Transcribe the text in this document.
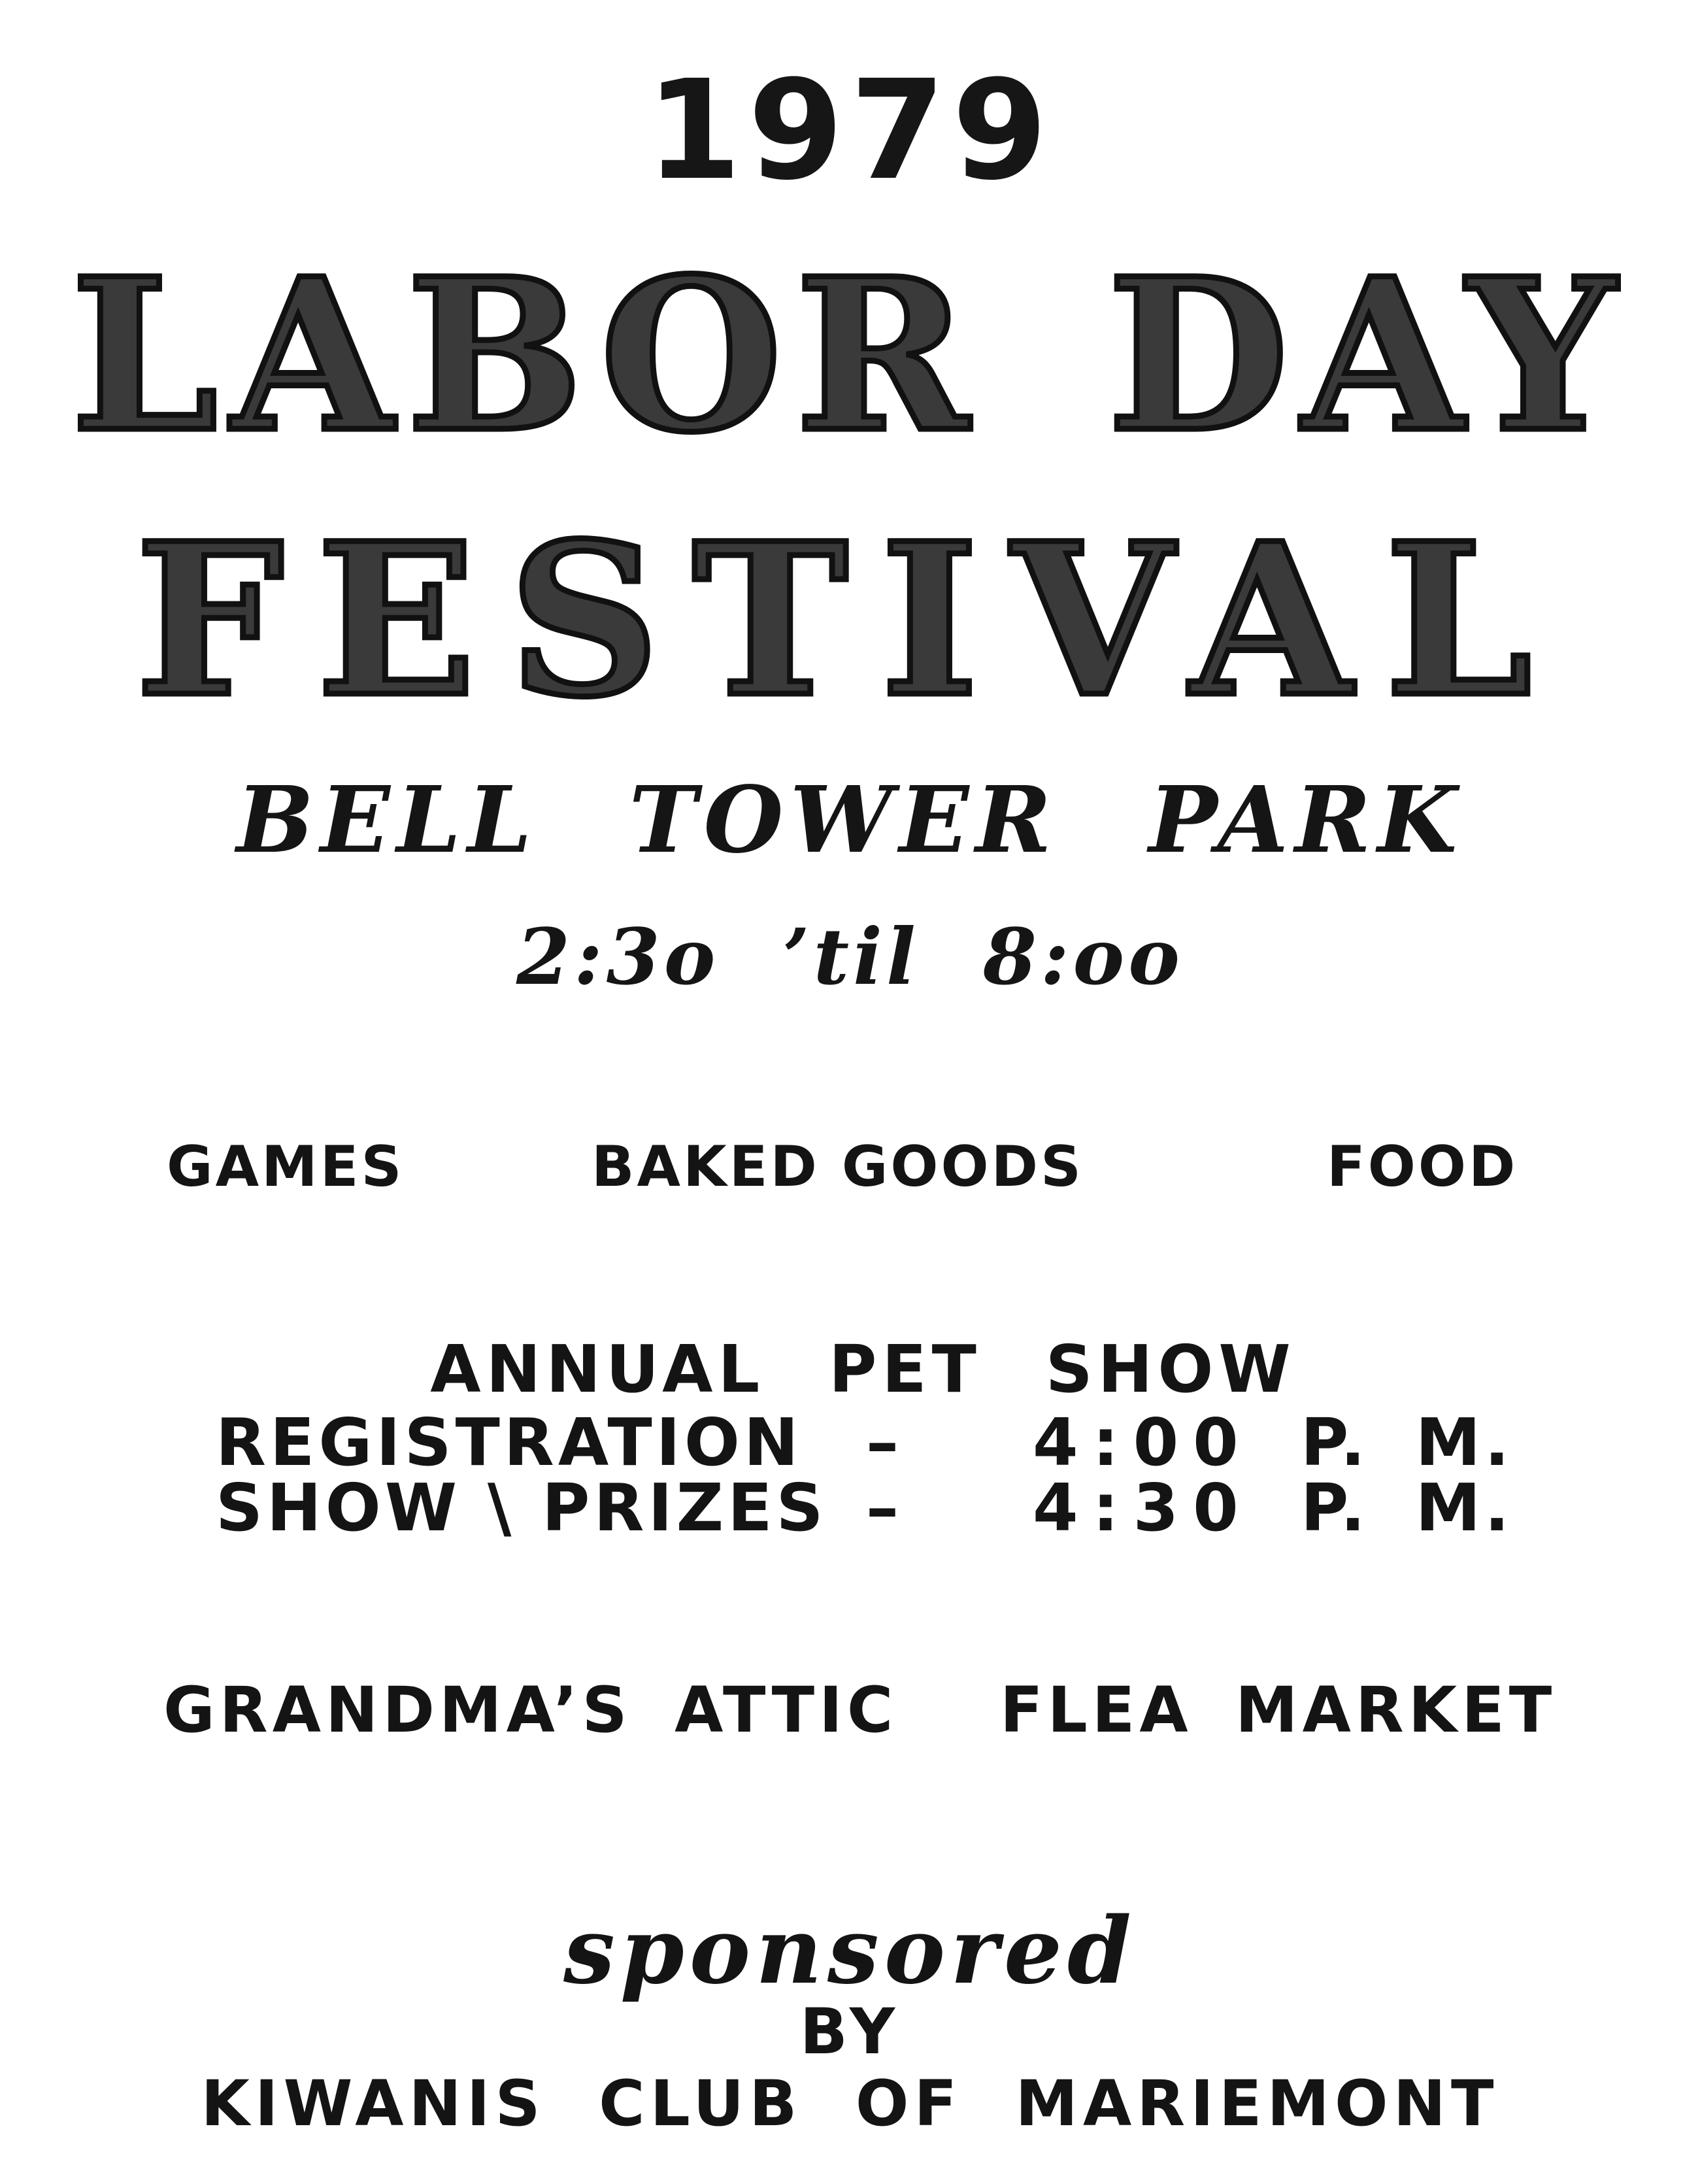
1979
LABOR DAY
FESTIVAL
BELL TOWER PARK
2:3o ’til 8:oo
GAMES	BAKED GOODS	FOOD
ANNUAL PET SHOW
REGISTRATION – 4:00 P. M.
SHOW \ PRIZES – 4:30 P. M.
GRANDMA’S ATTIC FLEA MARKET
sponsored
BY
KIWANIS CLUB OF MARIEMONT
